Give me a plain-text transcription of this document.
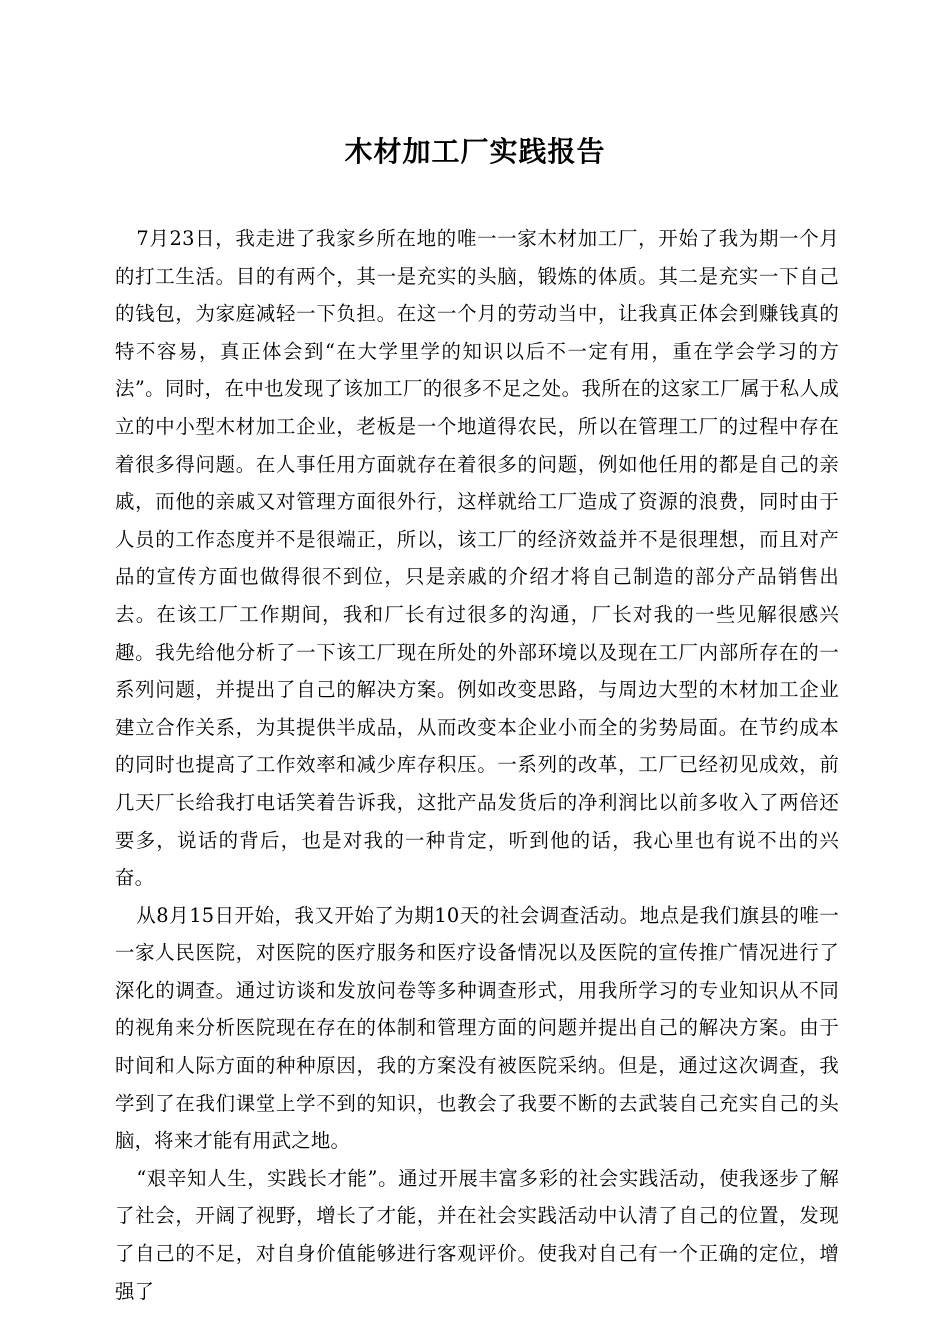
木材加工厂实践报告

7月23日，我走进了我家乡所在地的唯一一家木材加工厂，开始了我为期一个月的打工生活。目的有两个，其一是充实的头脑，锻炼的体质。其二是充实一下自己的钱包，为家庭减轻一下负担。在这一个月的劳动当中，让我真正体会到赚钱真的特不容易，真正体会到“在大学里学的知识以后不一定有用，重在学会学习的方法”。同时，在中也发现了该加工厂的很多不足之处。我所在的这家工厂属于私人成立的中小型木材加工企业，老板是一个地道得农民，所以在管理工厂的过程中存在着很多得问题。在人事任用方面就存在着很多的问题，例如他任用的都是自己的亲戚，而他的亲戚又对管理方面很外行，这样就给工厂造成了资源的浪费，同时由于人员的工作态度并不是很端正，所以，该工厂的经济效益并不是很理想，而且对产品的宣传方面也做得很不到位，只是亲戚的介绍才将自己制造的部分产品销售出去。在该工厂工作期间，我和厂长有过很多的沟通，厂长对我的一些见解很感兴趣。我先给他分析了一下该工厂现在所处的外部环境以及现在工厂内部所存在的一系列问题，并提出了自己的解决方案。例如改变思路，与周边大型的木材加工企业建立合作关系，为其提供半成品，从而改变本企业小而全的劣势局面。在节约成本的同时也提高了工作效率和减少库存积压。一系列的改革，工厂已经初见成效，前几天厂长给我打电话笑着告诉我，这批产品发货后的净利润比以前多收入了两倍还要多，说话的背后，也是对我的一种肯定，听到他的话，我心里也有说不出的兴奋。

从8月15日开始，我又开始了为期10天的社会调查活动。地点是我们旗县的唯一一家人民医院，对医院的医疗服务和医疗设备情况以及医院的宣传推广情况进行了深化的调查。通过访谈和发放问卷等多种调查形式，用我所学习的专业知识从不同的视角来分析医院现在存在的体制和管理方面的问题并提出自己的解决方案。由于时间和人际方面的种种原因，我的方案没有被医院采纳。但是，通过这次调查，我学到了在我们课堂上学不到的知识，也教会了我要不断的去武装自己充实自己的头脑，将来才能有用武之地。

“艰辛知人生，实践长才能”。通过开展丰富多彩的社会实践活动，使我逐步了解了社会，开阔了视野，增长了才能，并在社会实践活动中认清了自己的位置，发现了自己的不足，对自身价值能够进行客观评价。使我对自己有一个正确的定位，增强了
